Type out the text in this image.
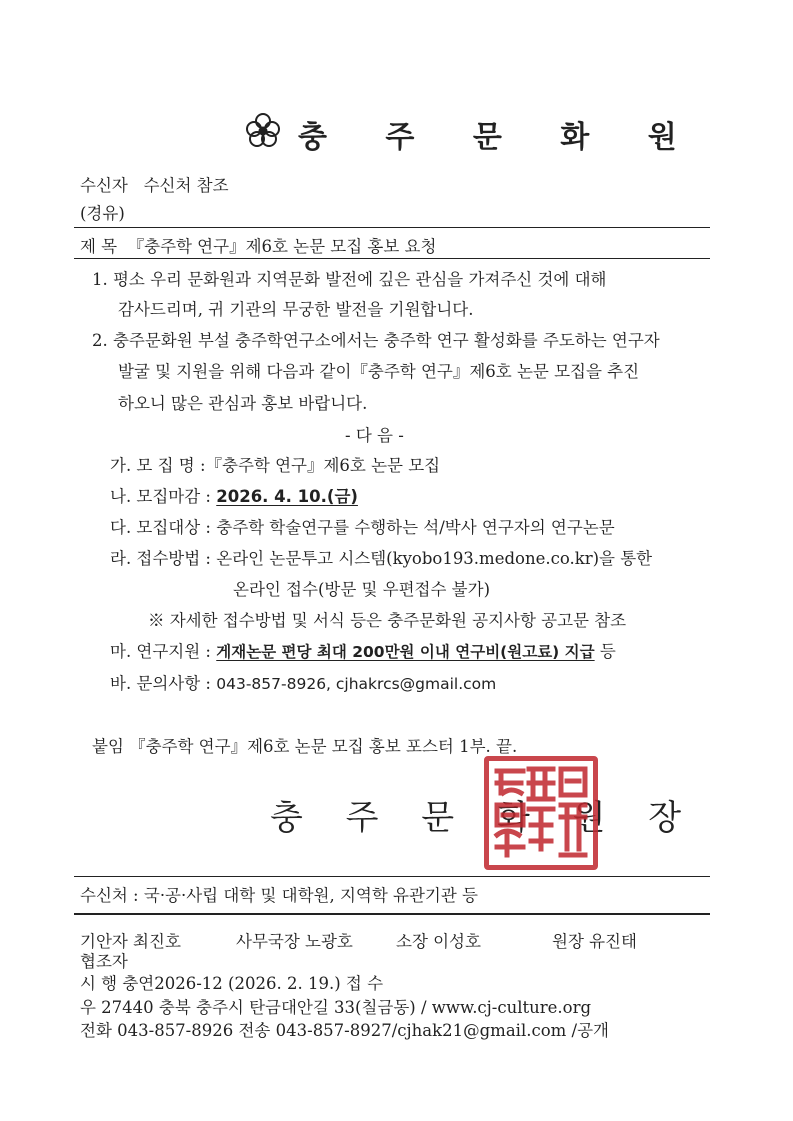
충 주 문 화 원
수신자 수신처 참조
(경유)
제 목 『충주학 연구』제6호 논문 모집 홍보 요청
1. 평소 우리 문화원과 지역문화 발전에 깊은 관심을 가져주신 것에 대해
감사드리며, 귀 기관의 무궁한 발전을 기원합니다.
2. 충주문화원 부설 충주학연구소에서는 충주학 연구 활성화를 주도하는 연구자
발굴 및 지원을 위해 다음과 같이『충주학 연구』제6호 논문 모집을 추진
하오니 많은 관심과 홍보 바랍니다.
- 다 음 -
가. 모 집 명 :『충주학 연구』제6호 논문 모집
나. 모집마감 : 2026. 4. 10.(금)
다. 모집대상 : 충주학 학술연구를 수행하는 석/박사 연구자의 연구논문
라. 접수방법 : 온라인 논문투고 시스템(kyobo193.medone.co.kr)을 통한
온라인 접수(방문 및 우편접수 불가)
※ 자세한 접수방법 및 서식 등은 충주문화원 공지사항 공고문 참조
마. 연구지원 : 게재논문 편당 최대 200만원 이내 연구비(원고료) 지급 등
바. 문의사항 : 043-857-8926, cjhakrcs@gmail.com
붙임 『충주학 연구』제6호 논문 모집 홍보 포스터 1부. 끝.
충 주 문 화 원 장
수신처 : 국·공·사립 대학 및 대학원, 지역학 유관기관 등
기안자 최진호	사무국장 노광호	소장 이성호	원장 유진태
협조자
시 행 충연2026-12 (2026. 2. 19.) 접 수
우 27440 충북 충주시 탄금대안길 33(칠금동) / www.cj-culture.org
전화 043-857-8926 전송 043-857-8927/cjhak21@gmail.com /공개
